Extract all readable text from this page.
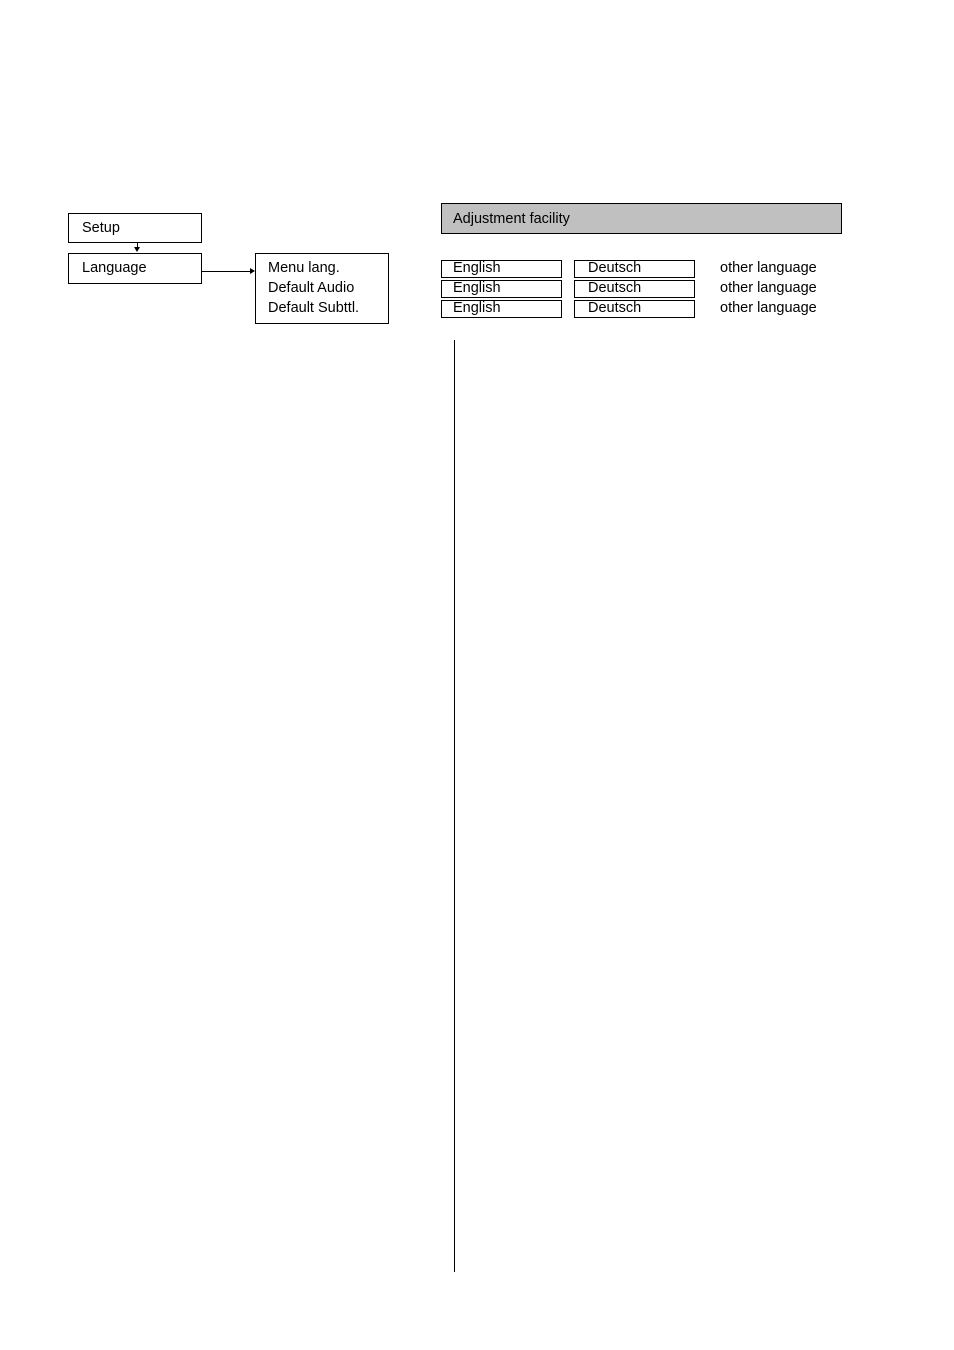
Setup
Language	Menu lang.
Default Audio
Default Subttl.
Adjustment facility
English	Deutsch	other language
English	Deutsch	other language
English	Deutsch	other language
